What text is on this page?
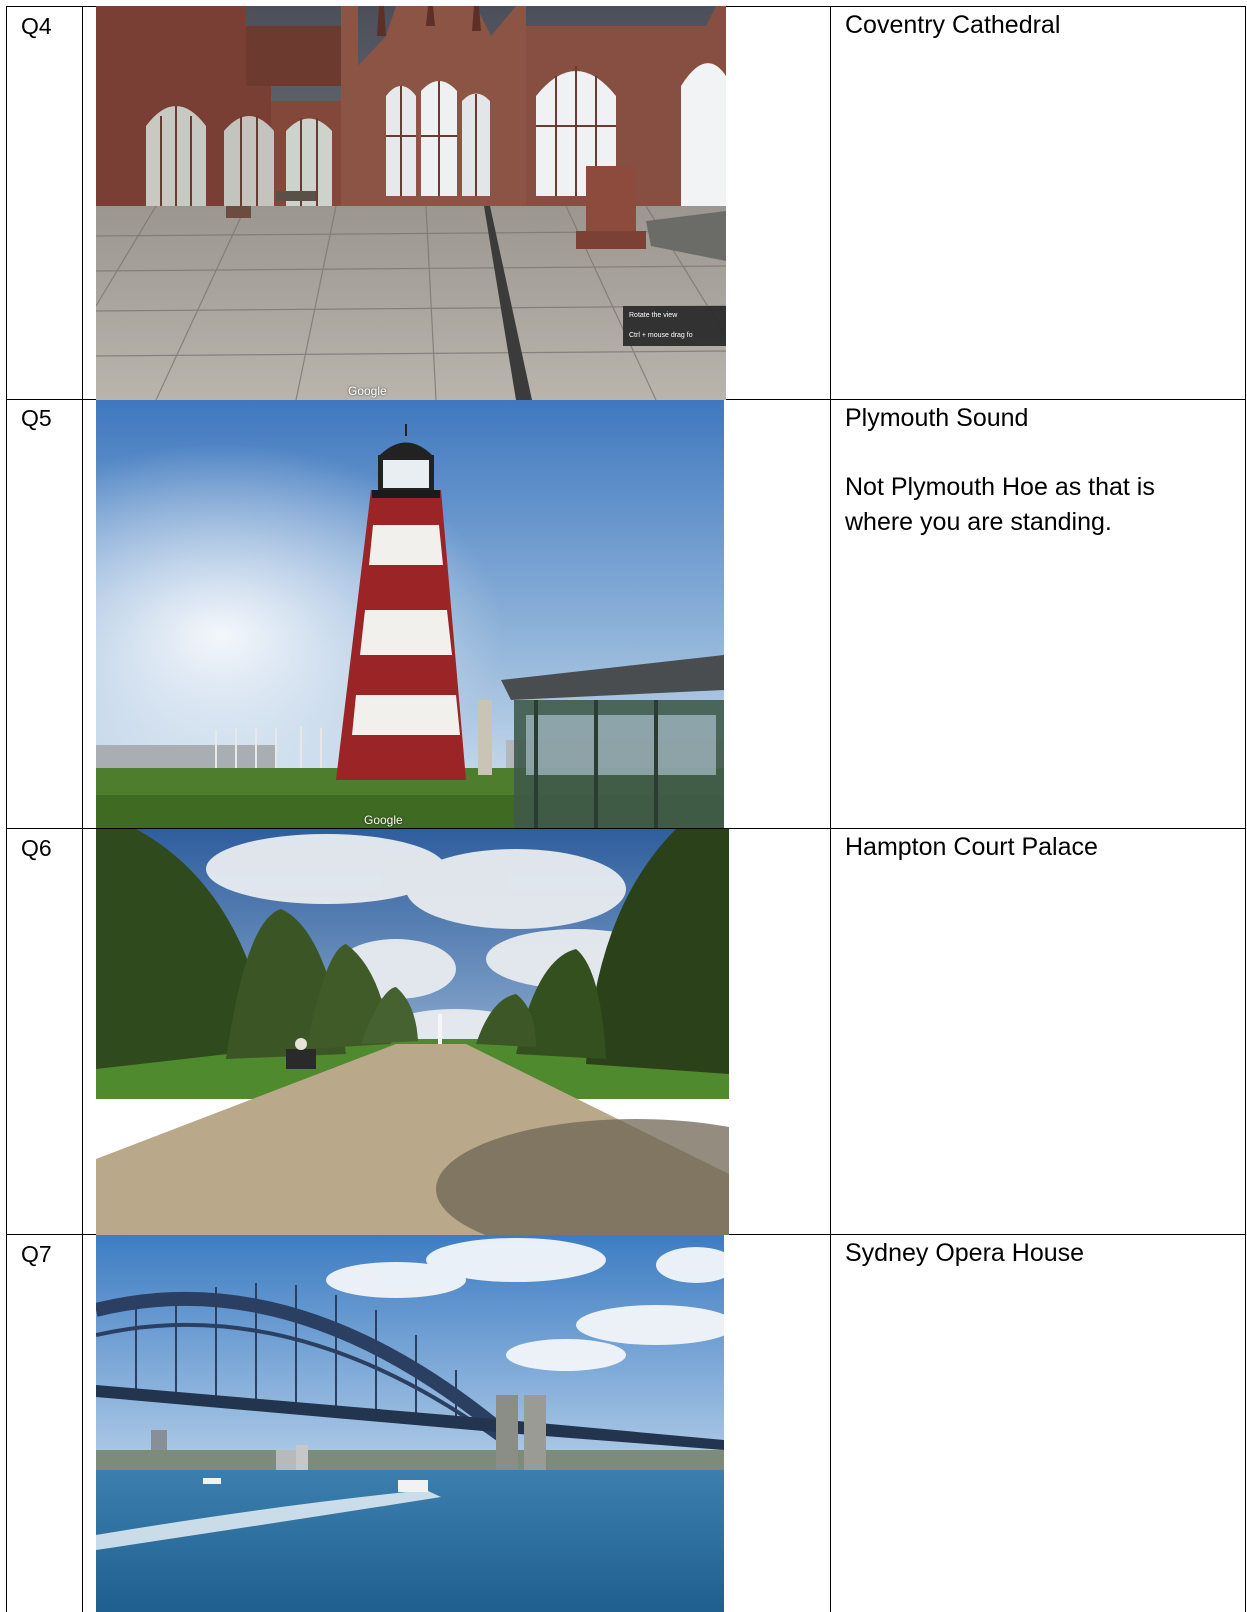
Q4
Google
Rotate the view
Ctrl + mouse drag fo

Coventry Cathedral

Q5
Google

Plymouth Sound

Not Plymouth Hoe as that is where you are standing.

Q6	Hampton Court Palace

Q7	Sydney Opera House
